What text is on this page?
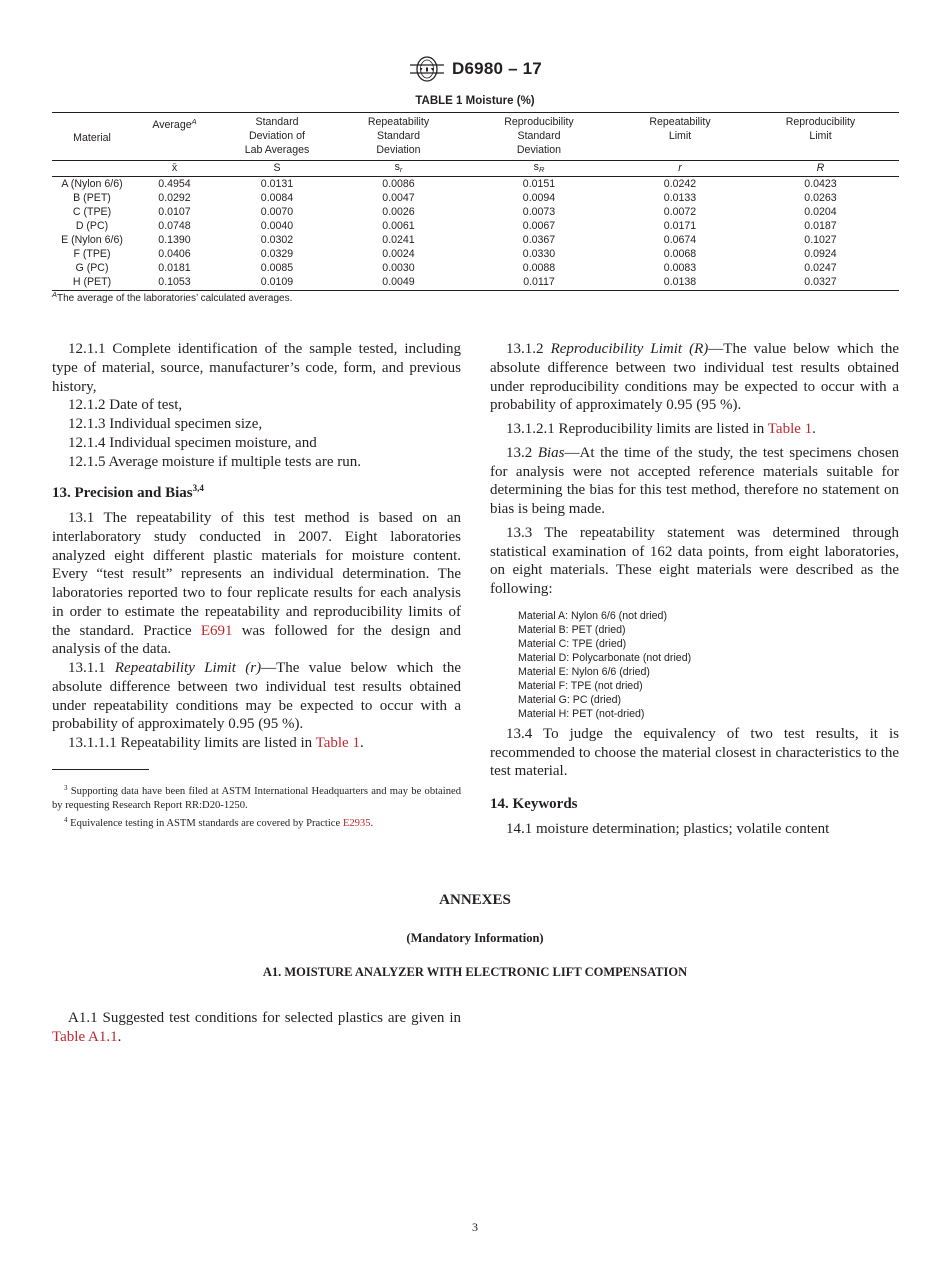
D6980 – 17
TABLE 1 Moisture (%)
Material	Average$^A$	Standard
Deviation of
Lab Averages	Repeatability
Standard
Deviation	Reproducibility
Standard
Deviation	Repeatability
Limit	Reproducibility
Limit
	x̄	S	$s_r$	$s_R$	r	R
A (Nylon 6/6)	0.4954	0.0131	0.0086	0.0151	0.0242	0.0423
B (PET)	0.0292	0.0084	0.0047	0.0094	0.0133	0.0263
C (TPE)	0.0107	0.0070	0.0026	0.0073	0.0072	0.0204
D (PC)	0.0748	0.0040	0.0061	0.0067	0.0171	0.0187
E (Nylon 6/6)	0.1390	0.0302	0.0241	0.0367	0.0674	0.1027
F (TPE)	0.0406	0.0329	0.0024	0.0330	0.0068	0.0924
G (PC)	0.0181	0.0085	0.0030	0.0088	0.0083	0.0247
H (PET)	0.1053	0.0109	0.0049	0.0117	0.0138	0.0327
$^A$The average of the laboratories’ calculated averages.

12.1.1 Complete identification of the sample tested, including type of material, source, manufacturer’s code, form, and previous history,

12.1.2 Date of test,

12.1.3 Individual specimen size,

12.1.4 Individual specimen moisture, and

12.1.5 Average moisture if multiple tests are run.

13. Precision and Bias$^{3,4}$

13.1 The repeatability of this test method is based on an interlaboratory study conducted in 2007. Eight laboratories analyzed eight different plastic materials for moisture content. Every “test result” represents an individual determination. The laboratories reported two to four replicate results for each analysis in order to estimate the repeatability and reproducibility limits of the standard. Practice E691 was followed for the design and analysis of the data.

13.1.1 Repeatability Limit (r)—The value below which the absolute difference between two individual test results obtained under repeatability conditions may be expected to occur with a probability of approximately 0.95 (95 %).

13.1.1.1 Repeatability limits are listed in Table 1.

$^3$ Supporting data have been filed at ASTM International Headquarters and may be obtained by requesting Research Report RR:D20-1250.

$^4$ Equivalence testing in ASTM standards are covered by Practice E2935.

13.1.2 Reproducibility Limit (R)—The value below which the absolute difference between two individual test results obtained under reproducibility conditions may be expected to occur with a probability of approximately 0.95 (95 %).

13.1.2.1 Reproducibility limits are listed in Table 1.

13.2 Bias—At the time of the study, the test specimens chosen for analysis were not accepted reference materials suitable for determining the bias for this test method, therefore no statement on bias is being made.

13.3 The repeatability statement was determined through statistical examination of 162 data points, from eight laboratories, on eight materials. These eight materials were described as the following:

Material A: Nylon 6/6 (not dried)
Material B: PET (dried)
Material C: TPE (dried)
Material D: Polycarbonate (not dried)
Material E: Nylon 6/6 (dried)
Material F: TPE (not dried)
Material G: PC (dried)
Material H: PET (not-dried)

13.4 To judge the equivalency of two test results, it is recommended to choose the material closest in characteristics to the test material.

14. Keywords

14.1 moisture determination; plastics; volatile content

ANNEXES
(Mandatory Information)
A1. MOISTURE ANALYZER WITH ELECTRONIC LIFT COMPENSATION

A1.1 Suggested test conditions for selected plastics are given in Table A1.1.

3
